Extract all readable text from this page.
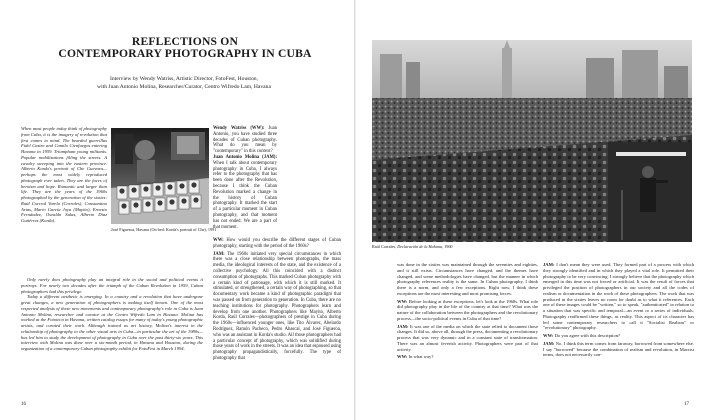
REFLECTIONS ON
CONTEMPORARY PHOTOGRAPHY IN CUBA
Interview by Wendy Watriss, Artistic Director, FotoFest, Houston,
with Juan Antonio Molina, Researcher/Curator, Centro Wifredo Lam, Havana
When most people today think of photography from Cuba, it is the imagery of revolution that first comes to mind. The bearded guerrillas Fidel Castro and Camilo Cienfuegos entering Havana in 1959. Triumphant young militants. Popular mobilizations filling the streets. A cavalry sweeping into the eastern province. Alberto Korda's portrait of Che Guevara—perhaps the most widely reproduced photograph ever taken. They are the faces of heroism and hope. Romantic and larger than life. They are the years of the 1960s photographed by the generation of the sixties: Raúl Corrral Varela (Corrales), Constantino Arias, Mario García Joya (Mayito), Ernesto Fernández, Osvaldo Salas, Alberto Díaz Gutiérrez (Korda).
José Figueroa, Havana (On bed: Korda's portrait of Che), 1991

Wendy Watriss (WW): Juan Antonio, you have studied three decades of Cuban photography. What do you mean by "contemporary" in this context?

Juan Antonio Molina (JAM): When I talk about contemporary photography in Cuba, I always refer to the photography that has been done after the Revolution, because I think the Cuban Revolution marked a change in the history of Cuban photography. It marked the start of a particular moment in Cuban photography, and that moment has not ended. We are a part of that moment.

Only rarely does photography play an integral role in the social and political events it portrays. For nearly two decades after the triumph of the Cuban Revolution in 1959, Cuban photographers had this privilege.

Today a different aesthetic is emerging. In a country and a revolution that have undergone great changes, a new generation of photographers is making itself known. One of the most respected analysts of these new movements and contemporary photography's role in Cuba is Juan Antonio Molina, researcher and curator at the Centro Wifredo Lam in Havana. Molina has worked at the Fototeca in Havana, written catalog essays for many of today's young photographic artists, and curated their work. Although trained as art history, Molina's interest in the relationship of photography to the other visual arts in Cuba—in particular the art of the 1980s—has led him to study the development of photography in Cuba over the past thirty-six years. This interview with Molina was done over a six-month period, in Havana and Houston, during the organization of a contemporary Cuban photography exhibit for FotoFest in March 1994.

WW: How would you describe the different stages of Cuban photography, starting with the period of the 1960s?

JAM: The 1960s initiated very special circumstances in which there was a close relationship between photographs, the mass media, the ideological interests of the state, and the existence of a collective psychology. All this coincided with a distinct consumption of photographs. This marked Cuban photography with a certain kind of patronage, with which it is still marked. It stimulated, or strengthened, a certain way of photographing, so that documentary work became a kind of photographic paradigm that was passed on from generation to generation. In Cuba, there are no teaching institutions for photography. Photographers learn and develop from one another. Photographers like Mayito, Alberto Korda, Raúl Corrales—photographers of prestige in Cuba during the 1960s—influenced younger ones, like Tito Álvarez, Abelardo Rodríguez, Ramón Pacheco, Pedro Abascal, and José Figueroa, who was an assistant in Korda's studio. All those photographers had a particular concept of photography, which was solidified during those years of work in the streets. It was an idea that espoused using photography propagandistically, forcefully. The type of photography that

16
Raúl Corrales, Declaración de la Habana, 1960

was done in the sixties was maintained through the seventies and eighties, and it still exists. Circumstances have changed, and the themes have changed, and some methodologies have changed, but the manner in which photography references reality is the same. In Cuban photography, I think there is a norm, and only a few exceptions. Right now, I think these exceptions are the most interesting and most promising forces.

WW: Before looking at these exceptions, let's look at the 1960s. What role did photography play in the life of the country at that time? What was the nature of the collaboration between the photographers and the revolutionary process—the socio-political events in Cuba of that time?

JAM: It was one of the media on which the state relied to document those changes. It did so, above all, through the press, documenting a revolutionary process that was very dynamic and in a constant state of transformation. There was an almost feverish activity. Photographers were part of that activity.

WW: In what way?

JAM: I don't mean they were used. They formed part of a process with which they strongly identified and in which they played a vital role. It permitted their photography to be very convincing. I strongly believe that the photography which emerged in this time was not forced or artificial. It was the result of forces that privileged the position of photographers in our society and all the codes of realism or documentation in the work of these photographers. The work that was produced in the sixties leaves no room for doubt as to what it references. Each one of these images could be "written," so to speak, "authenticated" in relation to a situation that was specific and temporal—an event or a series of individuals. Photography reaffirmed these things, as reality. This aspect of its character has led some contemporary researchers to call it "Socialist Realism" or "revolutionary" photography.

WW: Do you agree with this description?

JAM: No. I think this term comes from faraway, borrowed from somewhere else. I say "borrowed" because the combination of realism and revolution, in Marxist terms, does not necessarily con-

17
